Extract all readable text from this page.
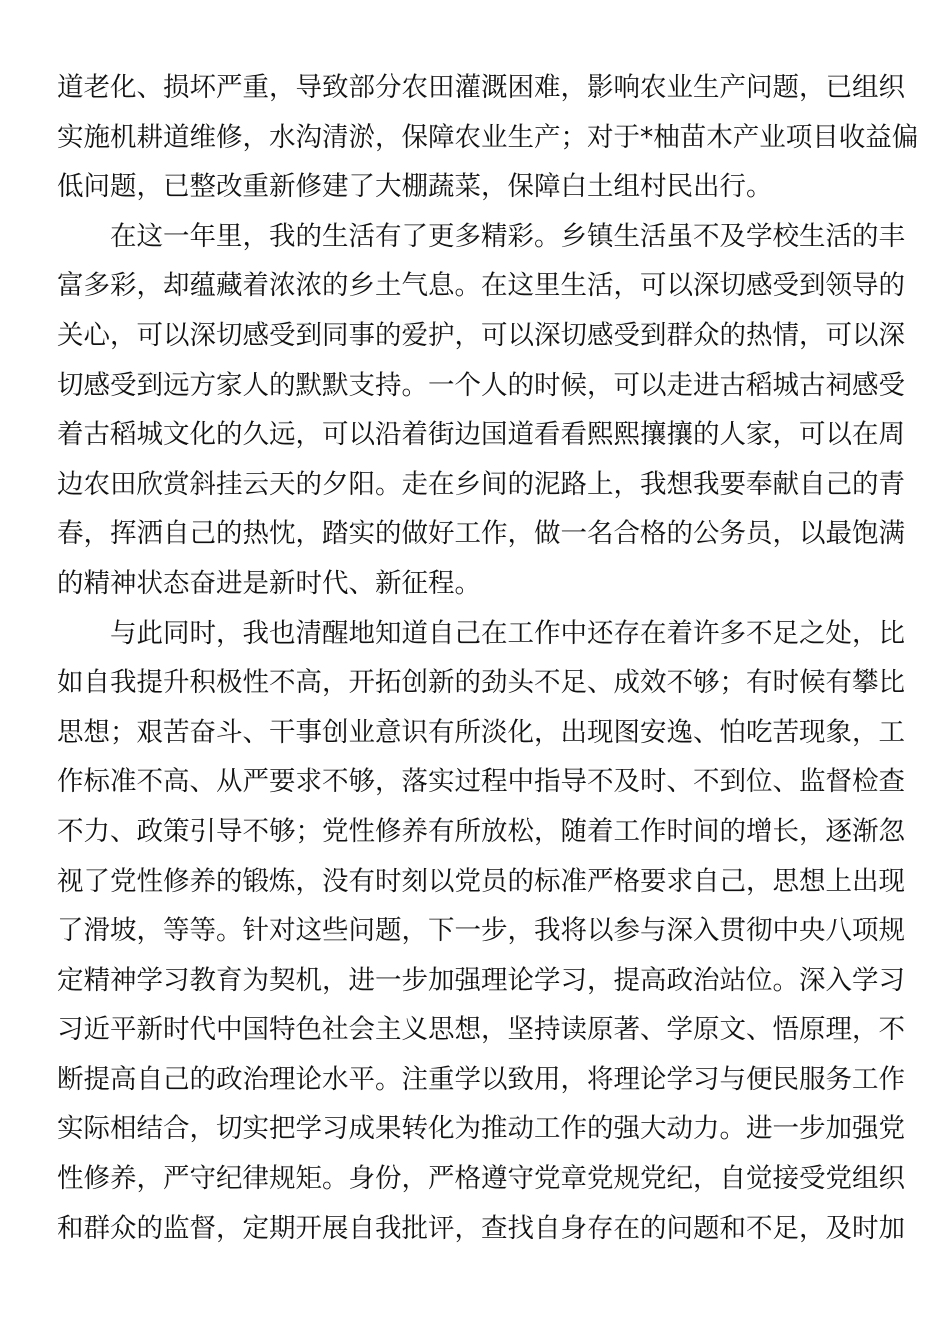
道老化、损坏严重，导致部分农田灌溉困难，影响农业生产问题，已组织
实施机耕道维修，水沟清淤，保障农业生产；对于*柚苗木产业项目收益偏
低问题，已整改重新修建了大棚蔬菜，保障白土组村民出行。
在这一年里，我的生活有了更多精彩。乡镇生活虽不及学校生活的丰
富多彩，却蕴藏着浓浓的乡土气息。在这里生活，可以深切感受到领导的
关心，可以深切感受到同事的爱护，可以深切感受到群众的热情，可以深
切感受到远方家人的默默支持。一个人的时候，可以走进古稻城古祠感受
着古稻城文化的久远，可以沿着街边国道看看熙熙攘攘的人家，可以在周
边农田欣赏斜挂云天的夕阳。走在乡间的泥路上，我想我要奉献自己的青
春，挥洒自己的热忱，踏实的做好工作，做一名合格的公务员，以最饱满
的精神状态奋进是新时代、新征程。
与此同时，我也清醒地知道自己在工作中还存在着许多不足之处，比
如自我提升积极性不高，开拓创新的劲头不足、成效不够；有时候有攀比
思想；艰苦奋斗、干事创业意识有所淡化，出现图安逸、怕吃苦现象，工
作标准不高、从严要求不够，落实过程中指导不及时、不到位、监督检查
不力、政策引导不够；党性修养有所放松，随着工作时间的增长，逐渐忽
视了党性修养的锻炼，没有时刻以党员的标准严格要求自己，思想上出现
了滑坡，等等。针对这些问题，下一步，我将以参与深入贯彻中央八项规
定精神学习教育为契机，进一步加强理论学习，提高政治站位。深入学习
习近平新时代中国特色社会主义思想，坚持读原著、学原文、悟原理，不
断提高自己的政治理论水平。注重学以致用，将理论学习与便民服务工作
实际相结合，切实把学习成果转化为推动工作的强大动力。进一步加强党
性修养，严守纪律规矩。身份，严格遵守党章党规党纪，自觉接受党组织
和群众的监督，定期开展自我批评，查找自身存在的问题和不足，及时加
